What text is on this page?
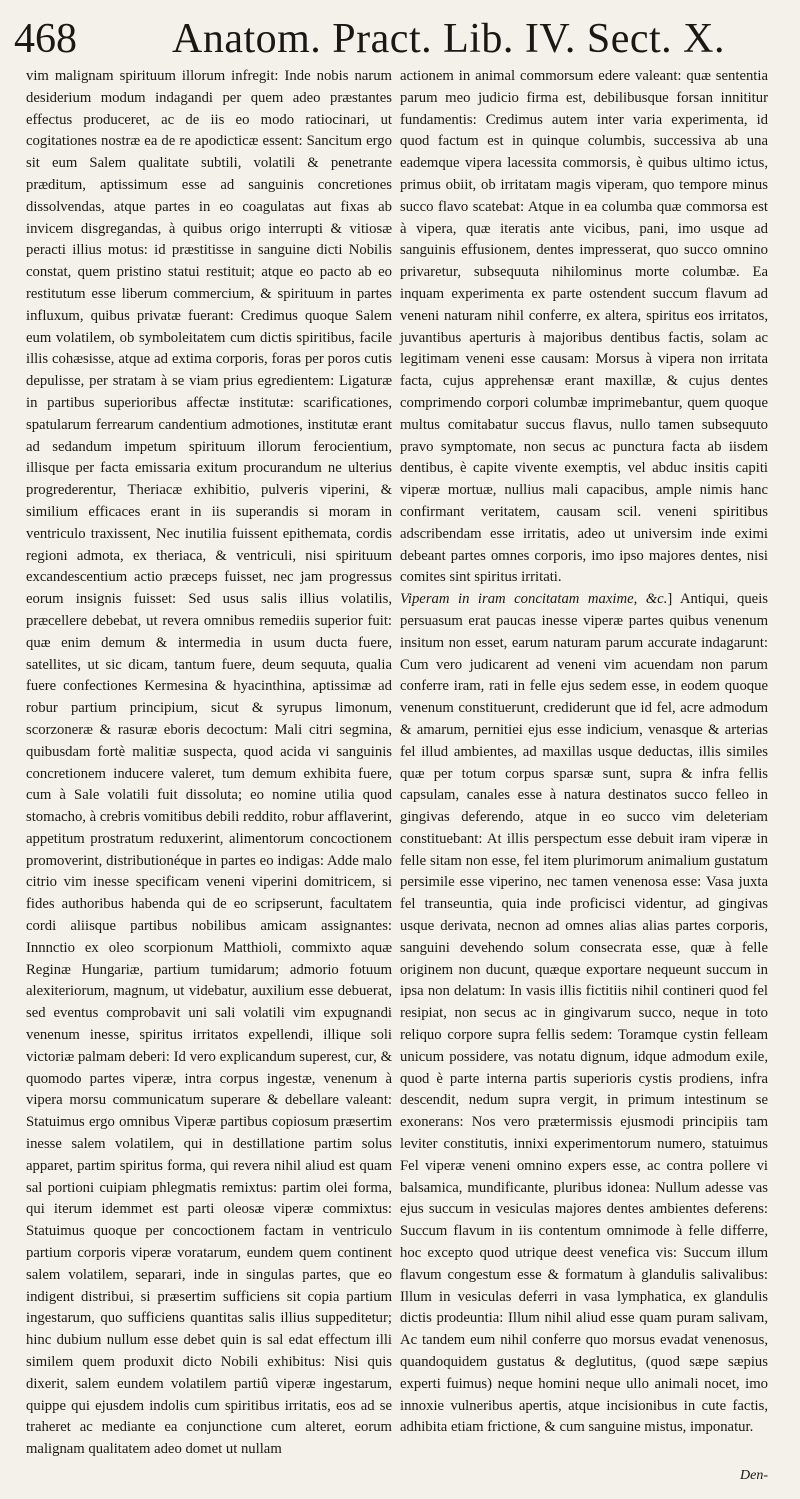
468 Anatom. Pract. Lib. IV. Sect. X.

vim malignam spirituum illorum infregit: Inde nobis narum desiderium modum indagandi per quem adeo præstantes effectus produceret, ac de iis eo modo ratiocinari, ut cogitationes nostræ ea de re apodicticæ essent: Sancitum ergo sit eum Salem qualitate subtili, volatili & penetrante præditum, aptissimum esse ad sanguinis concretiones dissolvendas, atque partes in eo coagulatas aut fixas ab invicem disgregandas, à quibus origo interrupti & vitiosæ peracti illius motus: id præstitisse in sanguine dicti Nobilis constat, quem pristino statui restituit; atque eo pacto ab eo restitutum esse liberum commercium, & spirituum in partes influxum, quibus privatæ fuerant: Credimus quoque Salem eum volatilem, ob symboleitatem cum dictis spiritibus, facile illis cohæsisse, atque ad extima corporis, foras per poros cutis depulisse, per stratam à se viam prius egredientem: Ligaturæ in partibus superioribus affectæ institutæ: scarificationes, spatularum ferrearum candentium admotiones, institutæ erant ad sedandum impetum spirituum illorum ferocientium, illisque per facta emissaria exitum procurandum ne ulterius progrederentur, Theriacæ exhibitio, pulveris viperini, & similium efficaces erant in iis superandis si moram in ventriculo traxissent, Nec inutilia fuissent epithemata, cordis regioni admota, ex theriaca, & ventriculi, nisi spirituum excandescentium actio præceps fuisset, nec jam progressus eorum insignis fuisset: Sed usus salis illius volatilis, præcellere debebat, ut revera omnibus remediis superior fuit: quæ enim demum & intermedia in usum ducta fuere, satellites, ut sic dicam, tantum fuere, deum sequuta, qualia fuere confectiones Kermesina & hyacinthina, aptissimæ ad robur partium principium, sicut & syrupus limonum, scorzoneræ & rasuræ eboris decoctum: Mali citri segmina, quibusdam fortè malitiæ suspecta, quod acida vi sanguinis concretionem inducere valeret, tum demum exhibita fuere, cum à Sale volatili fuit dissoluta; eo nomine utilia quod stomacho, à crebris vomitibus debili reddito, robur afflaverint, appetitum prostratum reduxerint, alimentorum concoctionem promoverint, distributionéque in partes eo indigas: Adde malo citrio vim inesse specificam veneni viperini domitricem, si fides authoribus habenda qui de eo scripserunt, facultatem cordi aliisque partibus nobilibus amicam assignantes: Innnctio ex oleo scorpionum Matthioli, commixto aquæ Reginæ Hungariæ, partium tumidarum; admorio fotuum alexiteriorum, magnum, ut videbatur, auxilium esse debuerat, sed eventus comprobavit uni sali volatili vim expugnandi venenum inesse, spiritus irritatos expellendi, illique soli victoriæ palmam deberi: Id vero explicandum superest, cur, & quomodo partes viperæ, intra corpus ingestæ, venenum à vipera morsu communicatum superare & debellare valeant: Statuimus ergo omnibus Viperæ partibus copiosum præsertim inesse salem volatilem, qui in destillatione partim solus apparet, partim spiritus forma, qui revera nihil aliud est quam sal portioni cuipiam phlegmatis remixtus: partim olei forma, qui iterum idemmet est parti oleosæ viperæ commixtus: Statuimus quoque per concoctionem factam in ventriculo partium corporis viperæ voratarum, eundem quem continent salem volatilem, separari, inde in singulas partes, que eo indigent distribui, si præsertim sufficiens sit copia partium ingestarum, quo sufficiens quantitas salis illius suppeditetur; hinc dubium nullum esse debet quin is sal edat effectum illi similem quem produxit dicto Nobili exhibitus: Nisi quis dixerit, salem eundem volatilem partiû viperæ ingestarum, quippe qui ejusdem indolis cum spiritibus irritatis, eos ad se traheret ac mediante ea conjunctione cum alteret, eorum malignam qualitatem adeo domet ut nullam

actionem in animal commorsum edere valeant: quæ sententia parum meo judicio firma est, debilibusque forsan innititur fundamentis: Credimus autem inter varia experimenta, id quod factum est in quinque columbis, successiva ab una eademque vipera lacessita commorsis, è quibus ultimo ictus, primus obiit, ob irritatam magis viperam, quo tempore minus succo flavo scatebat: Atque in ea columba quæ commorsa est à vipera, quæ iteratis ante vicibus, pani, imo usque ad sanguinis effusionem, dentes impresserat, quo succo omnino privaretur, subsequuta nihilominus morte columbæ. Ea inquam experimenta ex parte ostendent succum flavum ad veneni naturam nihil conferre, ex altera, spiritus eos irritatos, juvantibus aperturis à majoribus dentibus factis, solam ac legitimam veneni esse causam: Morsus à vipera non irritata facta, cujus apprehensæ erant maxillæ, & cujus dentes comprimendo corpori columbæ imprimebantur, quem quoque multus comitabatur succus flavus, nullo tamen subsequuto pravo symptomate, non secus ac punctura facta ab iisdem dentibus, è capite vivente exemptis, vel abduc insitis capiti viperæ mortuæ, nullius mali capacibus, ample nimis hanc confirmant veritatem, causam scil. veneni spiritibus adscribendam esse irritatis, adeo ut universim inde eximi debeant partes omnes corporis, imo ipso majores dentes, nisi comites sint spiritus irritati.

Viperam in iram concitatam maxime, &c.] Antiqui, queis persuasum erat paucas inesse viperæ partes quibus venenum insitum non esset, earum naturam parum accurate indagarunt: Cum vero judicarent ad veneni vim acuendam non parum conferre iram, rati in felle ejus sedem esse, in eodem quoque venenum constituerunt, crediderunt que id fel, acre admodum & amarum, pernitiei ejus esse indicium, venasque & arterias fel illud ambientes, ad maxillas usque deductas, illis similes quæ per totum corpus sparsæ sunt, supra & infra fellis capsulam, canales esse à natura destinatos succo felleo in gingivas deferendo, atque in eo succo vim deleteriam constituebant: At illis perspectum esse debuit iram viperæ in felle sitam non esse, fel item plurimorum animalium gustatum persimile esse viperino, nec tamen venenosa esse: Vasa juxta fel transeuntia, quia inde proficisci videntur, ad gingivas usque derivata, necnon ad omnes alias alias partes corporis, sanguini devehendo solum consecrata esse, quæ à felle originem non ducunt, quæque exportare nequeunt succum in ipsa non delatum: In vasis illis fictitiis nihil contineri quod fel resipiat, non secus ac in gingivarum succo, neque in toto reliquo corpore supra fellis sedem: Toramque cystin felleam unicum possidere, vas notatu dignum, idque admodum exile, quod è parte interna partis superioris cystis prodiens, infra descendit, nedum supra vergit, in primum intestinum se exonerans: Nos vero prætermissis ejusmodi principiis tam leviter constitutis, innixi experimentorum numero, statuimus Fel viperæ veneni omnino expers esse, ac contra pollere vi balsamica, mundificante, pluribus idonea: Nullum adesse vas ejus succum in vesiculas majores dentes ambientes deferens: Succum flavum in iis contentum omnimode à felle differre, hoc excepto quod utrique deest venefica vis: Succum illum flavum congestum esse & formatum à glandulis salivalibus: Illum in vesiculas deferri in vasa lymphatica, ex glandulis dictis prodeuntia: Illum nihil aliud esse quam puram salivam, Ac tandem eum nihil conferre quo morsus evadat venenosus, quandoquidem gustatus & deglutitus, (quod sæpe sæpius experti fuimus) neque homini neque ullo animali nocet, imo innoxie vulneribus apertis, atque incisionibus in cute factis, adhibita etiam frictione, & cum sanguine mistus, imponatur.

Den-
